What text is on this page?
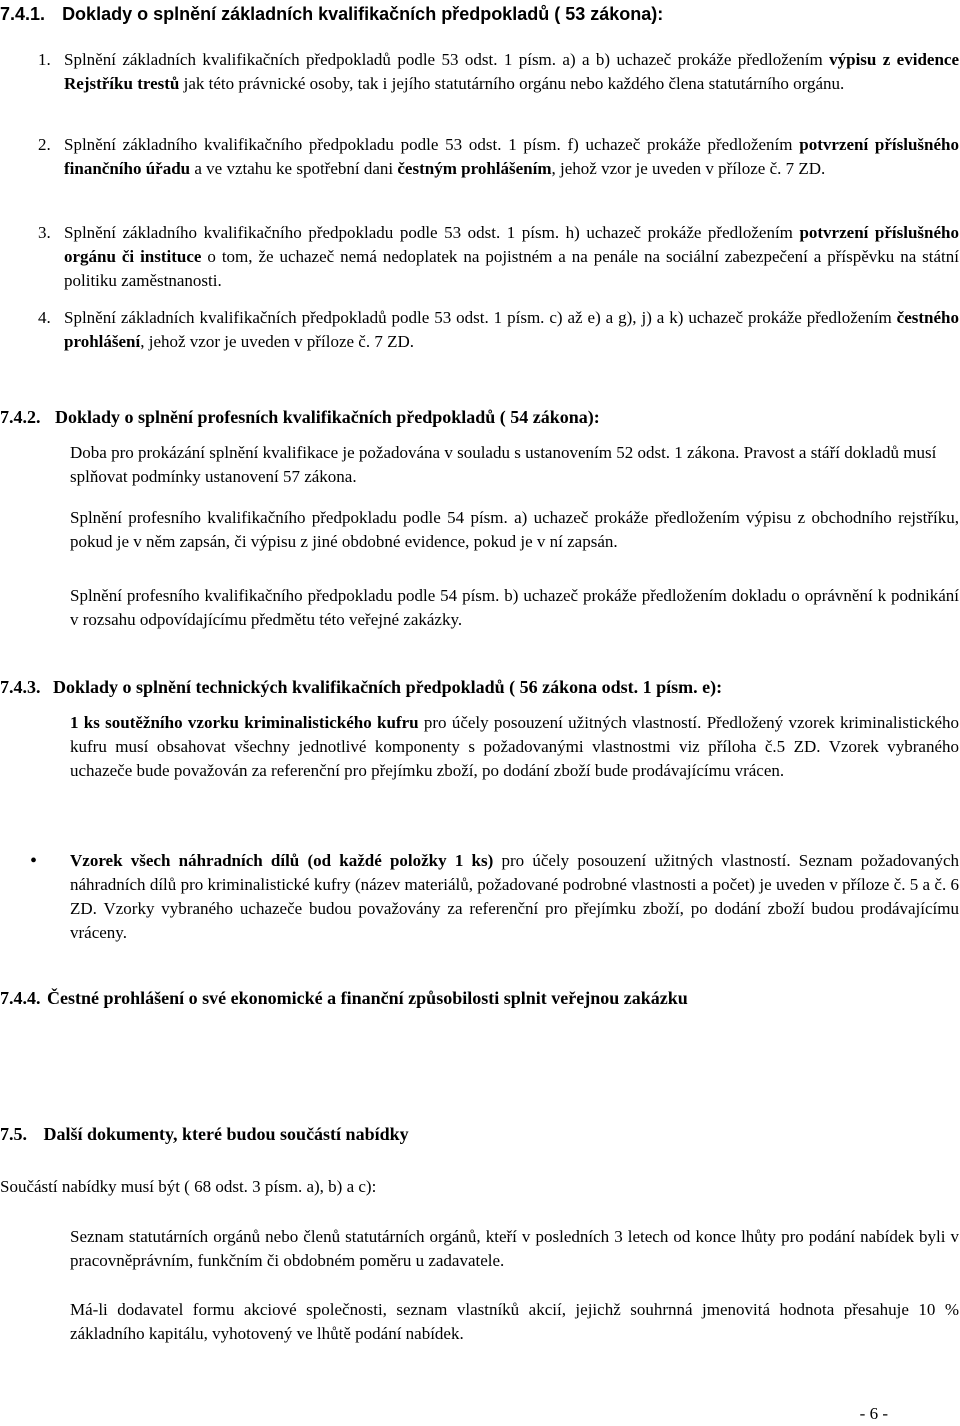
7.4.1. Doklady o splnění základních kvalifikačních předpokladů ( 53 zákona):
1. Splnění základních kvalifikačních předpokladů podle 53 odst. 1 písm. a) a b) uchazeč prokáže předložením výpisu z evidence Rejstříku trestů jak této právnické osoby, tak i jejího statutárního orgánu nebo každého člena statutárního orgánu.

2. Splnění základního kvalifikačního předpokladu podle 53 odst. 1 písm. f) uchazeč prokáže předložením potvrzení příslušného finančního úřadu a ve vztahu ke spotřební dani čestným prohlášením, jehož vzor je uveden v příloze č. 7 ZD.

3. Splnění základního kvalifikačního předpokladu podle 53 odst. 1 písm. h) uchazeč prokáže předložením potvrzení příslušného orgánu či instituce o tom, že uchazeč nemá nedoplatek na pojistném a na penále na sociální zabezpečení a příspěvku na státní politiku zaměstnanosti.

4. Splnění základních kvalifikačních předpokladů podle 53 odst. 1 písm. c) až e) a g), j) a k) uchazeč prokáže předložením čestného prohlášení, jehož vzor je uveden v příloze č. 7 ZD.

7.4.2. Doklady o splnění profesních kvalifikačních předpokladů ( 54 zákona):

Doba pro prokázání splnění kvalifikace je požadována v souladu s ustanovením 52 odst. 1 zákona. Pravost a stáří dokladů musí splňovat podmínky ustanovení 57 zákona.

Splnění profesního kvalifikačního předpokladu podle 54 písm. a) uchazeč prokáže předložením výpisu z obchodního rejstříku, pokud je v něm zapsán, či výpisu z jiné obdobné evidence, pokud je v ní zapsán.

Splnění profesního kvalifikačního předpokladu podle 54 písm. b) uchazeč prokáže předložením dokladu o oprávnění k podnikání v rozsahu odpovídajícímu předmětu této veřejné zakázky.

7.4.3. Doklady o splnění technických kvalifikačních předpokladů ( 56 zákona odst. 1 písm. e):

1 ks soutěžního vzorku kriminalistického kufru pro účely posouzení užitných vlastností. Předložený vzorek kriminalistického kufru musí obsahovat všechny jednotlivé komponenty s požadovanými vlastnostmi viz příloha č.5 ZD. Vzorek vybraného uchazeče bude považován za referenční pro přejímku zboží, po dodání zboží bude prodávajícímu vrácen.

• Vzorek všech náhradních dílů (od každé položky 1 ks) pro účely posouzení užitných vlastností. Seznam požadovaných náhradních dílů pro kriminalistické kufry (název materiálů, požadované podrobné vlastnosti a počet) je uveden v příloze č. 5 a č. 6 ZD. Vzorky vybraného uchazeče budou považovány za referenční pro přejímku zboží, po dodání zboží budou prodávajícímu vráceny.

7.4.4. Čestné prohlášení o své ekonomické a finanční způsobilosti splnit veřejnou zakázku
7.5. Další dokumenty, které budou součástí nabídky

Součástí nabídky musí být ( 68 odst. 3 písm. a), b) a c):

Seznam statutárních orgánů nebo členů statutárních orgánů, kteří v posledních 3 letech od konce lhůty pro podání nabídek byli v pracovněprávním, funkčním či obdobném poměru u zadavatele.

Má-li dodavatel formu akciové společnosti, seznam vlastníků akcií, jejichž souhrnná jmenovitá hodnota přesahuje 10 % základního kapitálu, vyhotovený ve lhůtě podání nabídek.

- 6 -
